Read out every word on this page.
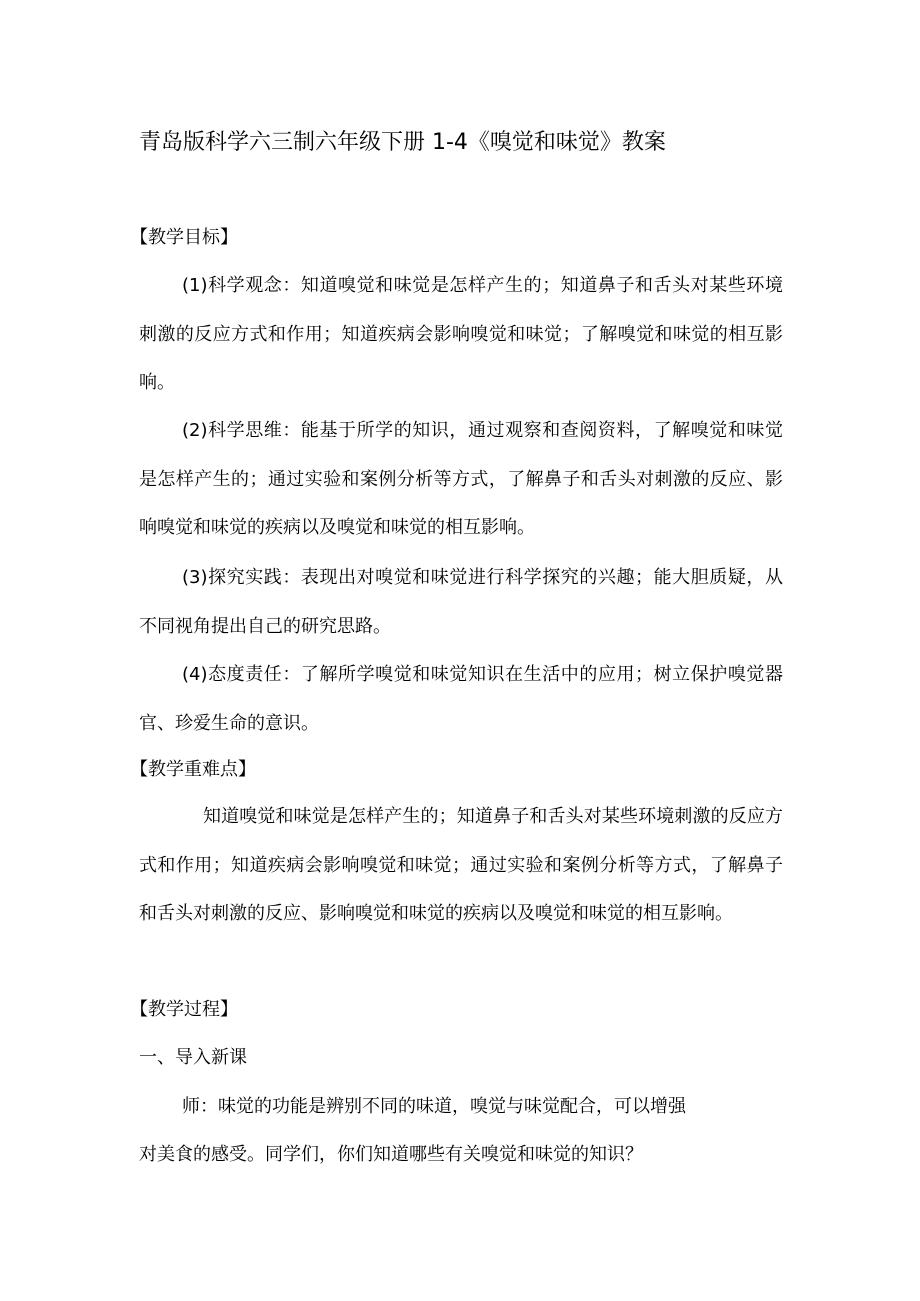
青岛版科学六三制六年级下册 1-4《嗅觉和味觉》教案
【教学目标】

(1)科学观念：知道嗅觉和味觉是怎样产生的；知道鼻子和舌头对某些环境刺激的反应方式和作用；知道疾病会影响嗅觉和味觉；了解嗅觉和味觉的相互影响。

(2)科学思维：能基于所学的知识，通过观察和查阅资料，了解嗅觉和味觉是怎样产生的；通过实验和案例分析等方式，了解鼻子和舌头对刺激的反应、影响嗅觉和味觉的疾病以及嗅觉和味觉的相互影响。

(3)探究实践：表现出对嗅觉和味觉进行科学探究的兴趣；能大胆质疑，从不同视角提出自己的研究思路。

(4)态度责任：了解所学嗅觉和味觉知识在生活中的应用；树立保护嗅觉器官、珍爱生命的意识。

【教学重难点】

知道嗅觉和味觉是怎样产生的；知道鼻子和舌头对某些环境刺激的反应方式和作用；知道疾病会影响嗅觉和味觉；通过实验和案例分析等方式，了解鼻子和舌头对刺激的反应、影响嗅觉和味觉的疾病以及嗅觉和味觉的相互影响。

【教学过程】
一、导入新课
师：味觉的功能是辨别不同的味道，嗅觉与味觉配合，可以增强
对美食的感受。同学们，你们知道哪些有关嗅觉和味觉的知识？
